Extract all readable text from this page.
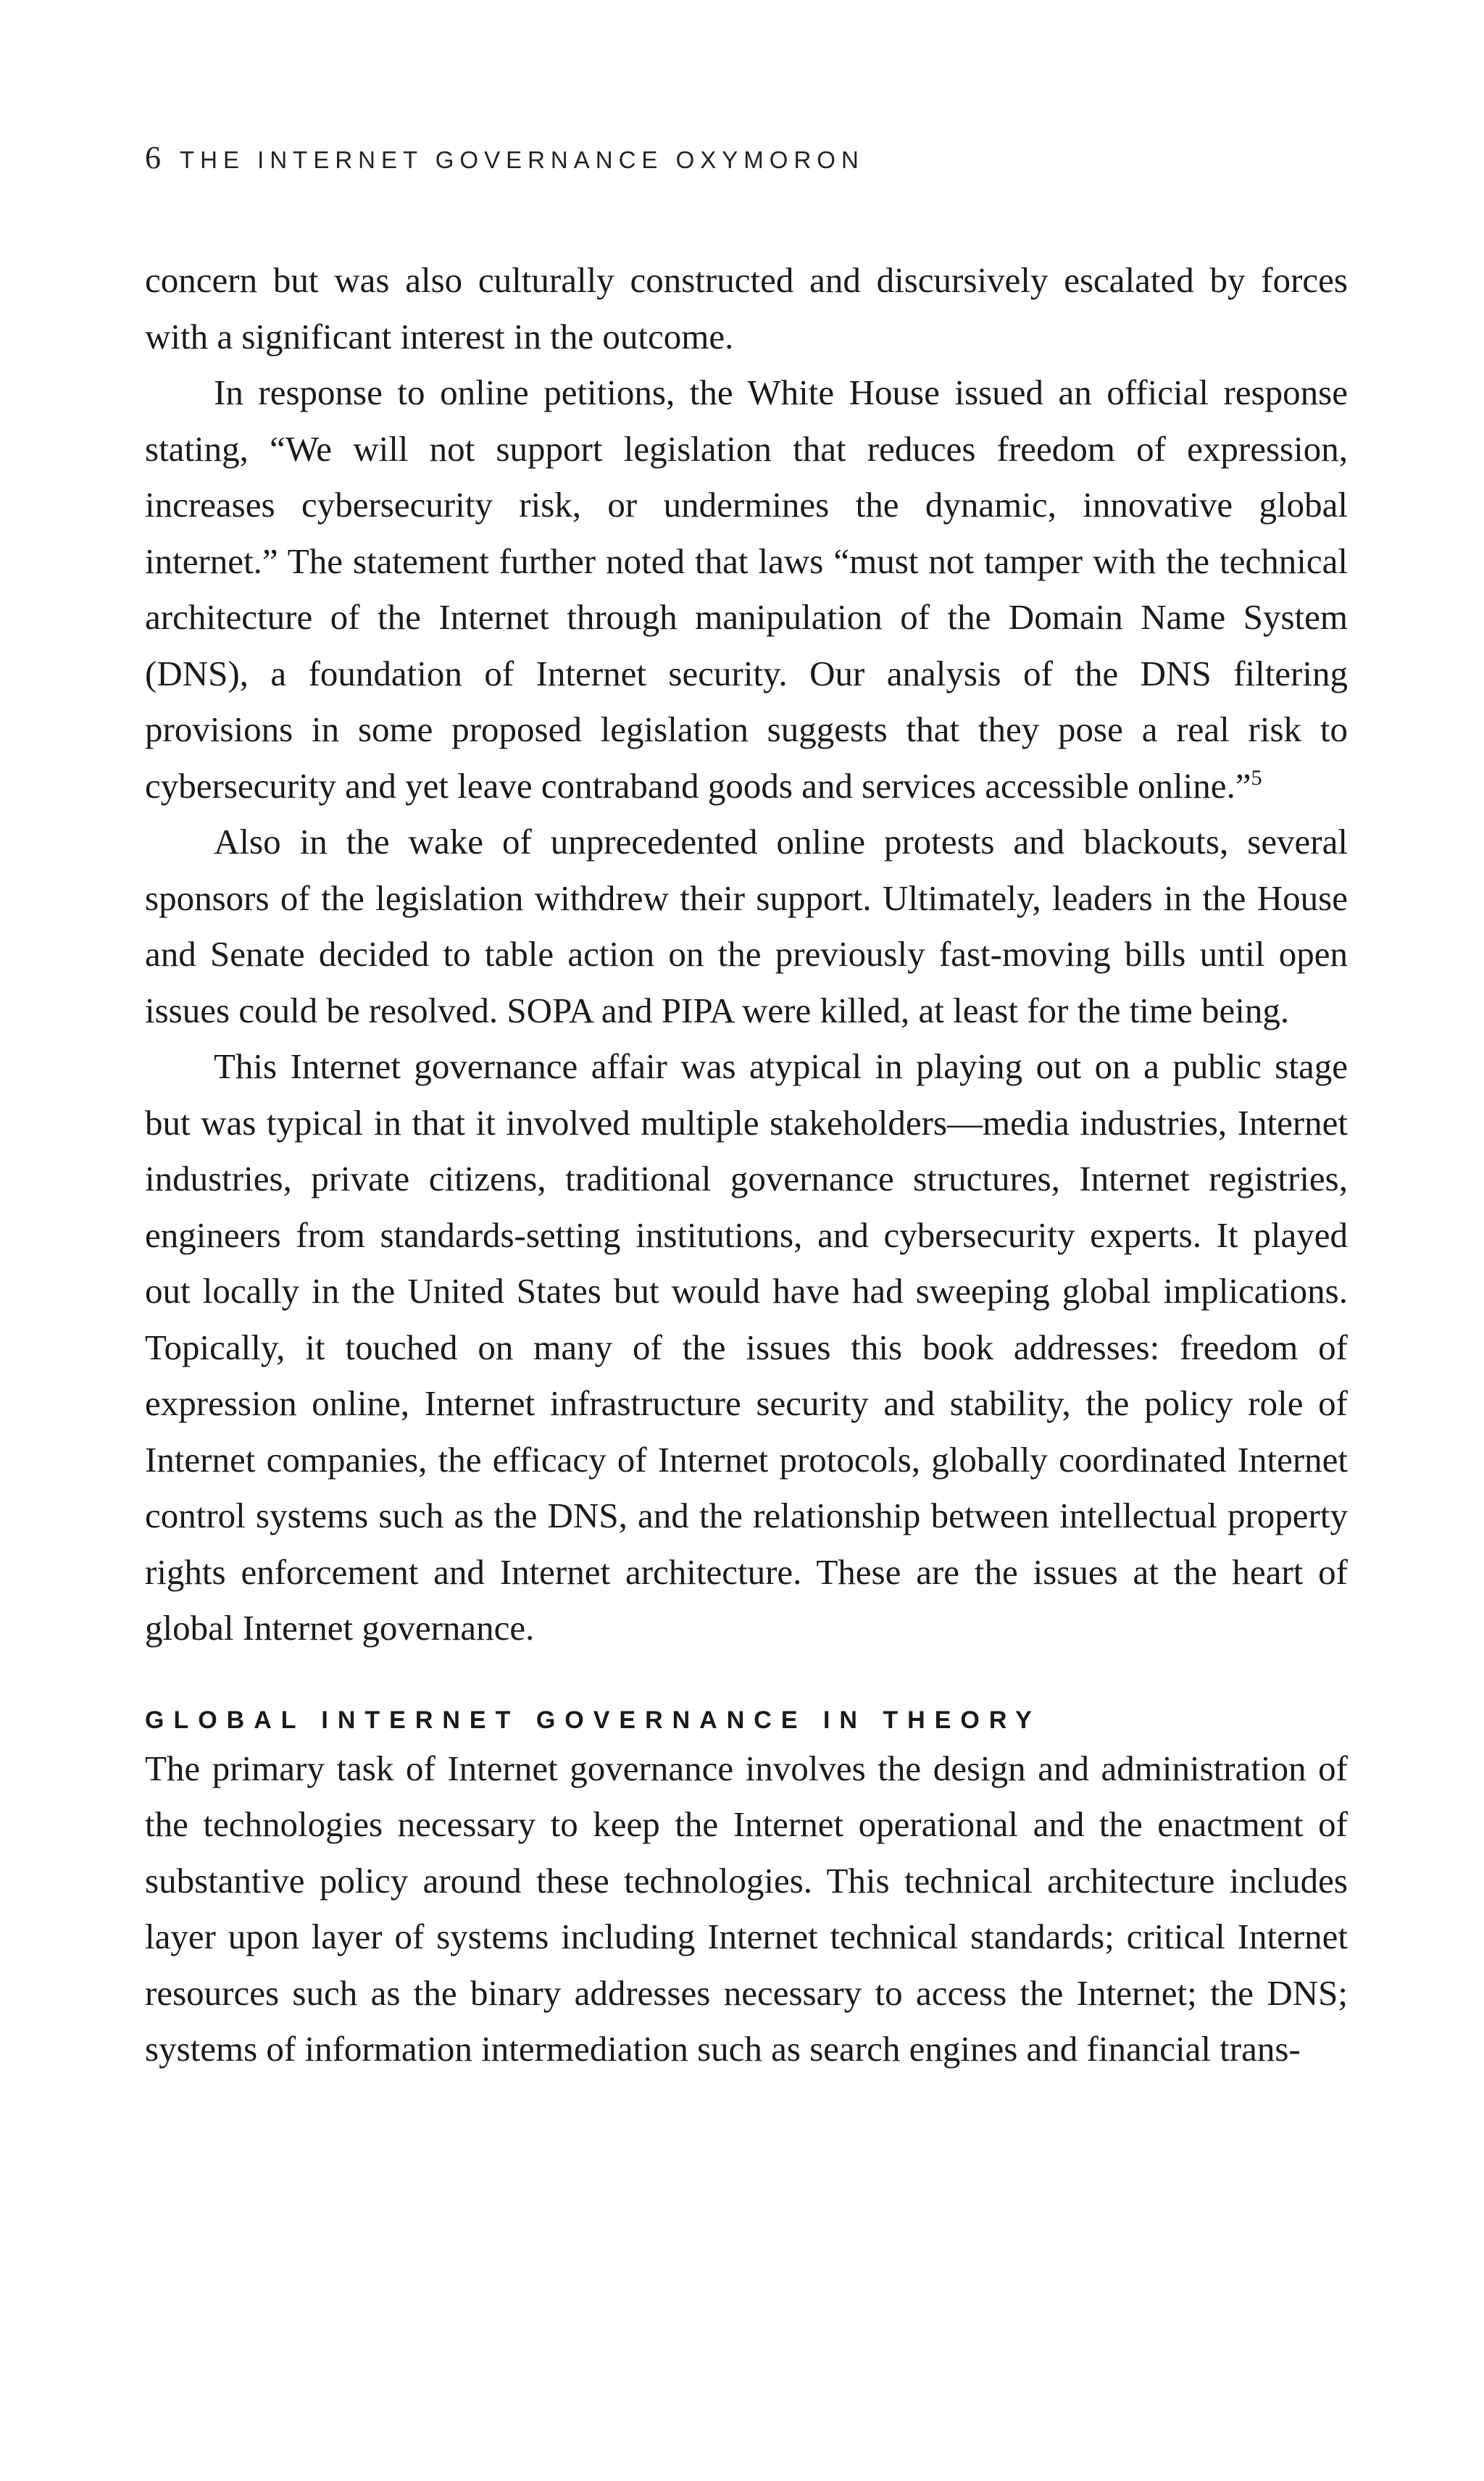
6 THE INTERNET GOVERNANCE OXYMORON

concern but was also culturally constructed and discursively escalated by forces with a significant interest in the outcome.

In response to online petitions, the White House issued an official response stating, “We will not support legislation that reduces freedom of expression, increases cybersecurity risk, or undermines the dynamic, innovative global internet.” The statement further noted that laws “must not tamper with the technical architecture of the Internet through manipulation of the Domain Name System (DNS), a foundation of Internet security. Our analysis of the DNS filtering provisions in some proposed legislation suggests that they pose a real risk to cybersecurity and yet leave contraband goods and services accessible online.”$^5$

Also in the wake of unprecedented online protests and blackouts, several sponsors of the legislation withdrew their support. Ultimately, leaders in the House and Senate decided to table action on the previously fast-moving bills until open issues could be resolved. SOPA and PIPA were killed, at least for the time being.

This Internet governance affair was atypical in playing out on a public stage but was typical in that it involved multiple stakeholders—media industries, Internet industries, private citizens, traditional governance structures, Internet registries, engineers from standards-setting institutions, and cybersecurity experts. It played out locally in the United States but would have had sweeping global implications. Topically, it touched on many of the issues this book addresses: freedom of expression online, Internet infrastructure security and stability, the policy role of Internet companies, the efficacy of Internet protocols, globally coordinated Internet control systems such as the DNS, and the relationship between intellectual property rights enforcement and Internet architecture. These are the issues at the heart of global Internet governance.

GLOBAL INTERNET GOVERNANCE IN THEORY

The primary task of Internet governance involves the design and administration of the technologies necessary to keep the Internet operational and the enactment of substantive policy around these technologies. This technical architecture includes layer upon layer of systems including Internet technical standards; critical Internet resources such as the binary addresses necessary to access the Internet; the DNS; systems of information intermediation such as search engines and financial trans-
